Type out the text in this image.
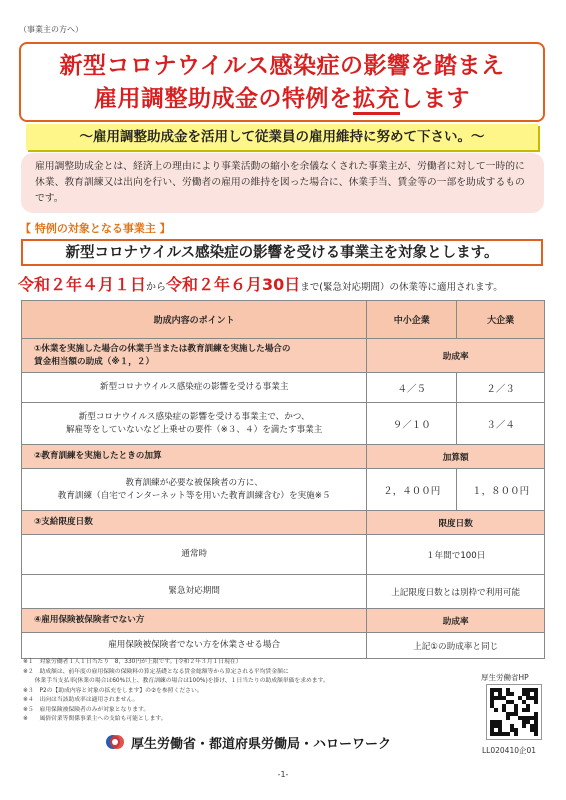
（事業主の方へ）
新型コロナウイルス感染症の影響を踏まえ
雇用調整助成金の特例を拡充します
～雇用調整助成金を活用して従業員の雇用維持に努めて下さい。～
雇用調整助成金とは、経済上の理由により事業活動の縮小を余儀なくされた事業主が、労働者に対して一時的に休業、教育訓練又は出向を行い、労働者の雇用の維持を図った場合に、休業手当、賃金等の一部を助成するものです。
【 特例の対象となる事業主 】
新型コロナウイルス感染症の影響を受ける事業主を対象とします。
令和２年４月１日から令和２年６月30日まで(緊急対応期間）の休業等に適用されます。
助成内容のポイント	中小企業	大企業
①休業を実施した場合の休業手当または教育訓練を実施した場合の
賃金相当額の助成（※１，２）	助成率	
新型コロナウイルス感染症の影響を受ける事業主	４／５	２／３
新型コロナウイルス感染症の影響を受ける事業主で、かつ、
解雇等をしていないなど上乗せの要件（※３、４）を満たす事業主	９／１０	３／４
②教育訓練を実施したときの加算	加算額	
教育訓練が必要な被保険者の方に、
教育訓練（自宅でインターネット等を用いた教育訓練含む）を実施※５	２，４００円	１，８００円
③支給限度日数	限度日数	
通常時	１年間で100日	
緊急対応期間	上記限度日数とは別枠で利用可能	
④雇用保険被保険者でない方	助成率	
雇用保険被保険者でない方を休業させる場合	上記①の助成率と同じ	
※１　対象労働者１人１日当たり　8，330円が上限です。(令和２年３月１日現在）
※２　助成額は、前年度の雇用保険の保険料の算定基礎となる賃金総額等から算定される平均賃金額に
　　休業手当支払率(休業の場合は60%以上、教育訓練の場合は100%)を掛け、１日当たりの助成額単価を求めます。
※３　P2の【助成内容と対象の拡充をします】の②を参照ください。
※４　出向は当該助成率は適用されません。
※５　雇用保険被保険者のみが対象となります。
※　　風俗営業等関係事業主への支給も可能とします。
厚生労働省HP
LL020410企01
厚生労働省・都道府県労働局・ハローワーク
-1-
